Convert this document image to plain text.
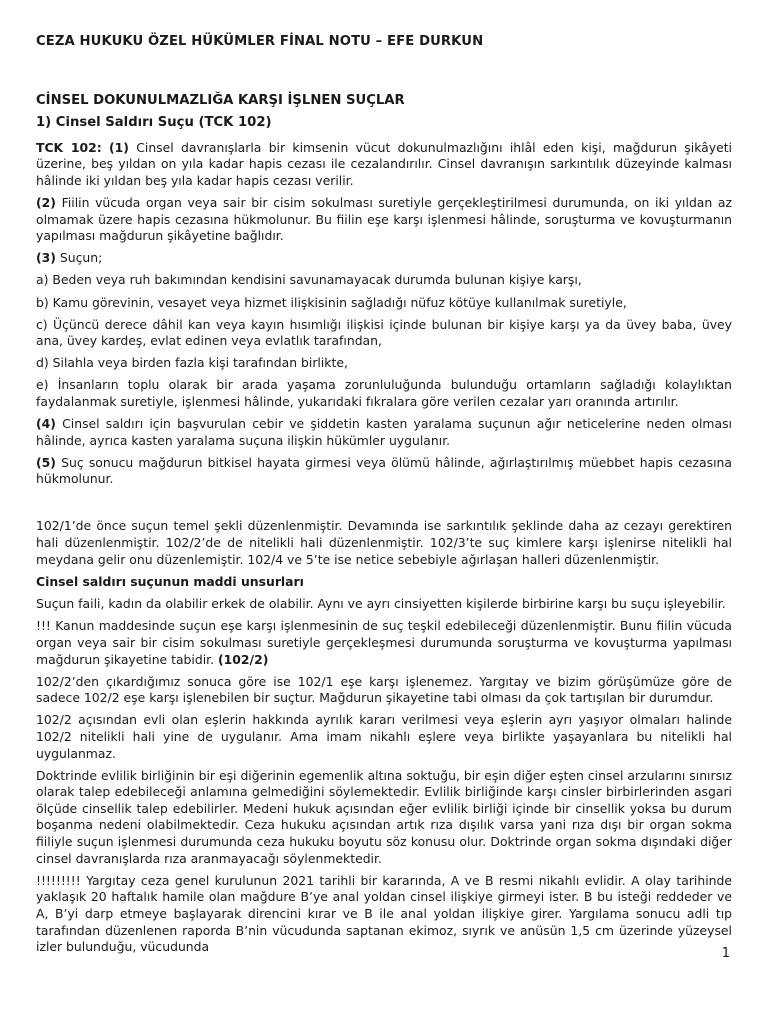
CEZA HUKUKU ÖZEL HÜKÜMLER FİNAL NOTU – EFE DURKUN
CİNSEL DOKUNULMAZLIĞA KARŞI İŞLNEN SUÇLAR
1) Cinsel Saldırı Suçu (TCK 102)

TCK 102: (1) Cinsel davranışlarla bir kimsenin vücut dokunulmazlığını ihlâl eden kişi, mağdurun şikâyeti üzerine, beş yıldan on yıla kadar hapis cezası ile cezalandırılır. Cinsel davranışın sarkıntılık düzeyinde kalması hâlinde iki yıldan beş yıla kadar hapis cezası verilir.

(2) Fiilin vücuda organ veya sair bir cisim sokulması suretiyle gerçekleştirilmesi durumunda, on iki yıldan az olmamak üzere hapis cezasına hükmolunur. Bu fiilin eşe karşı işlenmesi hâlinde, soruşturma ve kovuşturmanın yapılması mağdurun şikâyetine bağlıdır.

(3) Suçun;

a) Beden veya ruh bakımından kendisini savunamayacak durumda bulunan kişiye karşı,

b) Kamu görevinin, vesayet veya hizmet ilişkisinin sağladığı nüfuz kötüye kullanılmak suretiyle,

c) Üçüncü derece dâhil kan veya kayın hısımlığı ilişkisi içinde bulunan bir kişiye karşı ya da üvey baba, üvey ana, üvey kardeş, evlat edinen veya evlatlık tarafından,

d) Silahla veya birden fazla kişi tarafından birlikte,

e) İnsanların toplu olarak bir arada yaşama zorunluluğunda bulunduğu ortamların sağladığı kolaylıktan faydalanmak suretiyle, işlenmesi hâlinde, yukarıdaki fıkralara göre verilen cezalar yarı oranında artırılır.

(4) Cinsel saldırı için başvurulan cebir ve şiddetin kasten yaralama suçunun ağır neticelerine neden olması hâlinde, ayrıca kasten yaralama suçuna ilişkin hükümler uygulanır.

(5) Suç sonucu mağdurun bitkisel hayata girmesi veya ölümü hâlinde, ağırlaştırılmış müebbet hapis cezasına hükmolunur.

102/1’de önce suçun temel şekli düzenlenmiştir. Devamında ise sarkıntılık şeklinde daha az cezayı gerektiren hali düzenlenmiştir. 102/2’de de nitelikli hali düzenlenmiştir. 102/3’te suç kimlere karşı işlenirse nitelikli hal meydana gelir onu düzenlemiştir. 102/4 ve 5’te ise netice sebebiyle ağırlaşan halleri düzenlenmiştir.

Cinsel saldırı suçunun maddi unsurları

Suçun faili, kadın da olabilir erkek de olabilir. Aynı ve ayrı cinsiyetten kişilerde birbirine karşı bu suçu işleyebilir.

!!! Kanun maddesinde suçun eşe karşı işlenmesinin de suç teşkil edebileceği düzenlenmiştir. Bunu fiilin vücuda organ veya sair bir cisim sokulması suretiyle gerçekleşmesi durumunda soruşturma ve kovuşturma yapılması mağdurun şikayetine tabidir. (102/2)

102/2’den çıkardığımız sonuca göre ise 102/1 eşe karşı işlenemez. Yargıtay ve bizim görüşümüze göre de sadece 102/2 eşe karşı işlenebilen bir suçtur. Mağdurun şikayetine tabi olması da çok tartışılan bir durumdur.

102/2 açısından evli olan eşlerin hakkında ayrılık kararı verilmesi veya eşlerin ayrı yaşıyor olmaları halinde 102/2 nitelikli hali yine de uygulanır. Ama imam nikahlı eşlere veya birlikte yaşayanlara bu nitelikli hal uygulanmaz.

Doktrinde evlilik birliğinin bir eşi diğerinin egemenlik altına soktuğu, bir eşin diğer eşten cinsel arzularını sınırsız olarak talep edebileceği anlamına gelmediğini söylemektedir. Evlilik birliğinde karşı cinsler birbirlerinden asgari ölçüde cinsellik talep edebilirler. Medeni hukuk açısından eğer evlilik birliği içinde bir cinsellik yoksa bu durum boşanma nedeni olabilmektedir. Ceza hukuku açısından artık rıza dışılık varsa yani rıza dışı bir organ sokma fiiliyle suçun işlenmesi durumunda ceza hukuku boyutu söz konusu olur. Doktrinde organ sokma dışındaki diğer cinsel davranışlarda rıza aranmayacağı söylenmektedir.

!!!!!!!!! Yargıtay ceza genel kurulunun 2021 tarihli bir kararında, A ve B resmi nikahlı evlidir. A olay tarihinde yaklaşık 20 haftalık hamile olan mağdure B’ye anal yoldan cinsel ilişkiye girmeyi ister. B bu isteği reddeder ve A, B’yi darp etmeye başlayarak direncini kırar ve B ile anal yoldan ilişkiye girer. Yargılama sonucu adli tıp tarafından düzenlenen raporda B’nin vücudunda saptanan ekimoz, sıyrık ve anüsün 1,5 cm üzerinde yüzeysel izler bulunduğu, vücudunda	1
